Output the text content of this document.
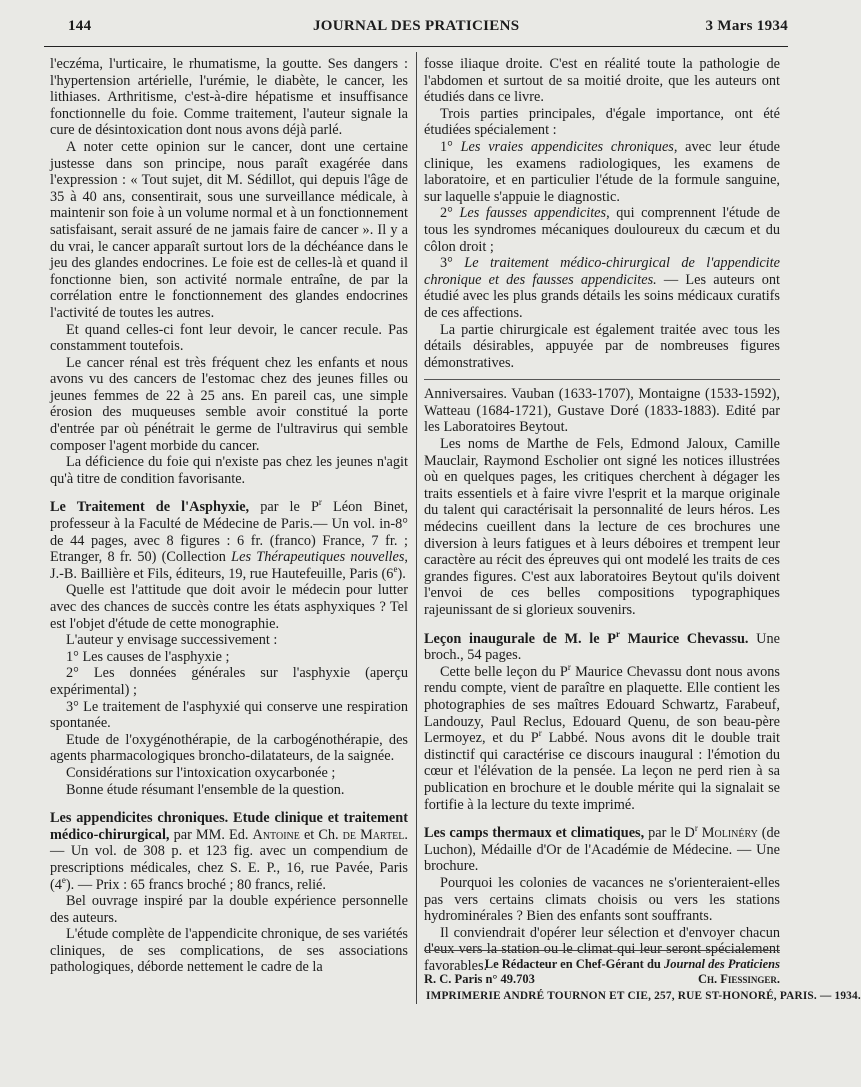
144	JOURNAL DES PRATICIENS	3 Mars 1934

l'eczéma, l'urticaire, le rhumatisme, la goutte. Ses dangers : l'hypertension artérielle, l'urémie, le diabète, le cancer, les lithiases. Arthritisme, c'est-à-dire hépatisme et insuffisance fonctionnelle du foie. Comme traitement, l'auteur signale la cure de désintoxication dont nous avons déjà parlé.

A noter cette opinion sur le cancer, dont une certaine justesse dans son principe, nous paraît exagérée dans l'expression : « Tout sujet, dit M. Sédillot, qui depuis l'âge de 35 à 40 ans, consentirait, sous une surveillance médicale, à maintenir son foie à un volume normal et à un fonctionnement satisfaisant, serait assuré de ne jamais faire de cancer ». Il y a du vrai, le cancer apparaît surtout lors de la déchéance dans le jeu des glandes endocrines. Le foie est de celles-là et quand il fonctionne bien, son activité normale entraîne, de par la corrélation entre le fonctionnement des glandes endocrines l'activité de toutes les autres.

Et quand celles-ci font leur devoir, le cancer recule. Pas constamment toutefois.

Le cancer rénal est très fréquent chez les enfants et nous avons vu des cancers de l'estomac chez des jeunes filles ou jeunes femmes de 22 à 25 ans. En pareil cas, une simple érosion des muqueuses semble avoir constitué la porte d'entrée par où pénétrait le germe de l'ultravirus qui semble composer l'agent morbide du cancer.

La déficience du foie qui n'existe pas chez les jeunes n'agit qu'à titre de condition favorisante.

Le Traitement de l'Asphyxie, par le $P^r$ Léon Binet, professeur à la Faculté de Médecine de Paris.— Un vol. in-8° de 44 pages, avec 8 figures : 6 fr. (franco) France, 7 fr. ; Etranger, 8 fr. 50) (Collection Les Thérapeutiques nouvelles, J.-B. Baillière et Fils, éditeurs, 19, rue Hautefeuille, Paris (6e).

Quelle est l'attitude que doit avoir le médecin pour lutter avec des chances de succès contre les états asphyxiques ? Tel est l'objet d'étude de cette monographie.

L'auteur y envisage successivement :

1° Les causes de l'asphyxie ;

2° Les données générales sur l'asphyxie (aperçu expérimental) ;

3° Le traitement de l'asphyxié qui conserve une respiration spontanée.

Etude de l'oxygénothérapie, de la carbogénothérapie, des agents pharmacologiques broncho-dilatateurs, de la saignée.

Considérations sur l'intoxication oxycarbonée ;

Bonne étude résumant l'ensemble de la question.

Les appendicites chroniques. Etude clinique et traitement médico-chirurgical, par MM. Ed. Antoine et Ch. de Martel. — Un vol. de 308 p. et 123 fig. avec un compendium de prescriptions médicales, chez S. E. P., 16, rue Pavée, Paris (4e). — Prix : 65 francs broché ; 80 francs, relié.

Bel ouvrage inspiré par la double expérience personnelle des auteurs.

L'étude complète de l'appendicite chronique, de ses variétés cliniques, de ses complications, de ses associations pathologiques, déborde nettement le cadre de la

fosse iliaque droite. C'est en réalité toute la pathologie de l'abdomen et surtout de sa moitié droite, que les auteurs ont étudiés dans ce livre.

Trois parties principales, d'égale importance, ont été étudiées spécialement :

1° Les vraies appendicites chroniques, avec leur étude clinique, les examens radiologiques, les examens de laboratoire, et en particulier l'étude de la formule sanguine, sur laquelle s'appuie le diagnostic.

2° Les fausses appendicites, qui comprennent l'étude de tous les syndromes mécaniques douloureux du cæcum et du côlon droit ;

3° Le traitement médico-chirurgical de l'appendicite chronique et des fausses appendicites. — Les auteurs ont étudié avec les plus grands détails les soins médicaux curatifs de ces affections.

La partie chirurgicale est également traitée avec tous les détails désirables, appuyée par de nombreuses figures démonstratives.

Anniversaires. Vauban (1633-1707), Montaigne (1533-1592), Watteau (1684-1721), Gustave Doré (1833-1883). Edité par les Laboratoires Beytout.

Les noms de Marthe de Fels, Edmond Jaloux, Camille Mauclair, Raymond Escholier ont signé les notices illustrées où en quelques pages, les critiques cherchent à dégager les traits essentiels et à faire vivre l'esprit et la marque originale du talent qui caractérisait la personnalité de leurs héros. Les médecins cueillent dans la lecture de ces brochures une diversion à leurs fatigues et à leurs déboires et trempent leur caractère au récit des épreuves qui ont modelé les traits de ces grandes figures. C'est aux laboratoires Beytout qu'ils doivent l'envoi de ces belles compositions typographiques rajeunissant de si glorieux souvenirs.

Leçon inaugurale de M. le $P^r$ Maurice Chevassu. Une broch., 54 pages.

Cette belle leçon du $P^r$ Maurice Chevassu dont nous avons rendu compte, vient de paraître en plaquette. Elle contient les photographies de ses maîtres Edouard Schwartz, Farabeuf, Landouzy, Paul Reclus, Edouard Quenu, de son beau-père Lermoyez, et du $P^r$ Labbé. Nous avons dit le double trait distinctif qui caractérise ce discours inaugural : l'émotion du cœur et l'élévation de la pensée. La leçon ne perd rien à sa publication en brochure et le double mérite qui la signalait se fortifie à la lecture du texte imprimé.

Les camps thermaux et climatiques, par le $D^r$ Molinéry (de Luchon), Médaille d'Or de l'Académie de Médecine. — Une brochure.

Pourquoi les colonies de vacances ne s'orienteraient-elles pas vers certains climats choisis ou vers les stations hydrominérales ? Bien des enfants sont souffrants.

Il conviendrait d'opérer leur sélection et d'envoyer chacun d'eux vers la station ou le climat qui leur seront spécialement favorables.

Le Rédacteur en Chef-Gérant du Journal des Praticiens
R. C. Paris n° 49.703	Ch. Fiessinger.
IMPRIMERIE ANDRÉ TOURNON ET CIE, 257, RUE ST-HONORÉ, PARIS. — 1934.
